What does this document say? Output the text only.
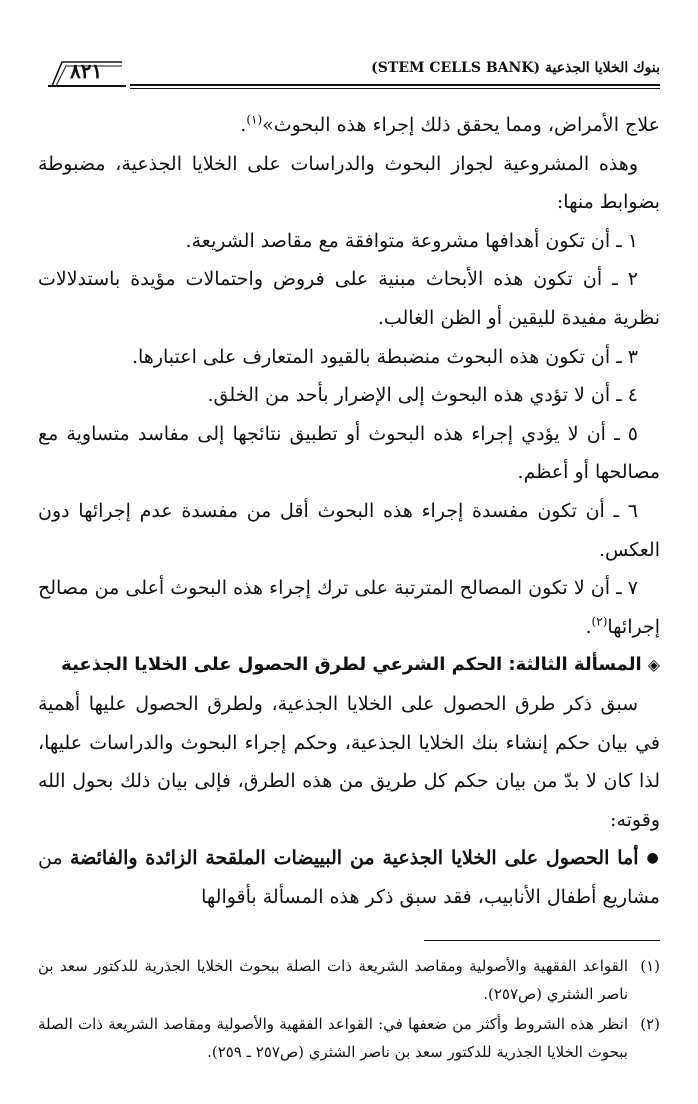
بنوك الخلايا الجذعية (STEM CELLS BANK)
٨٢١

علاج الأمراض، ومما يحقق ذلك إجراء هذه البحوث»$^{(١)}$.

وهذه المشروعية لجواز البحوث والدراسات على الخلايا الجذعية، مضبوطة بضوابط منها:

١ ـ أن تكون أهدافها مشروعة متوافقة مع مقاصد الشريعة.

٢ ـ أن تكون هذه الأبحاث مبنية على فروض واحتمالات مؤيدة باستدلالات نظرية مفيدة لليقين أو الظن الغالب.

٣ ـ أن تكون هذه البحوث منضبطة بالقيود المتعارف على اعتبارها.

٤ ـ أن لا تؤدي هذه البحوث إلى الإضرار بأحد من الخلق.

٥ ـ أن لا يؤدي إجراء هذه البحوث أو تطبيق نتائجها إلى مفاسد متساوية مع مصالحها أو أعظم.

٦ ـ أن تكون مفسدة إجراء هذه البحوث أقل من مفسدة عدم إجرائها دون العكس.

٧ ـ أن لا تكون المصالح المترتبة على ترك إجراء هذه البحوث أعلى من مصالح إجرائها$^{(٢)}$.

◈المسألة الثالثة: الحكم الشرعي لطرق الحصول على الخلايا الجذعية

سبق ذكر طرق الحصول على الخلايا الجذعية، ولطرق الحصول عليها أهمية في بيان حكم إنشاء بنك الخلايا الجذعية، وحكم إجراء البحوث والدراسات عليها، لذا كان لا بدّ من بيان حكم كل طريق من هذه الطرق، فإلى بيان ذلك بحول الله وقوته:

●أما الحصول على الخلايا الجذعية من البييضات الملقحة الزائدة والفائضة من مشاريع أطفال الأنابيب، فقد سبق ذكر هذه المسألة بأقوالها

(١)
القواعد الفقهية والأصولية ومقاصد الشريعة ذات الصلة ببحوث الخلايا الجذرية للدكتور سعد بن ناصر الشثري (ص٢٥٧).
(٢)
انظر هذه الشروط وأكثر من ضعفها في: القواعد الفقهية والأصولية ومقاصد الشريعة ذات الصلة ببحوث الخلايا الجذرية للدكتور سعد بن ناصر الشثري (ص٢٥٧ ـ ٢٥٩).
